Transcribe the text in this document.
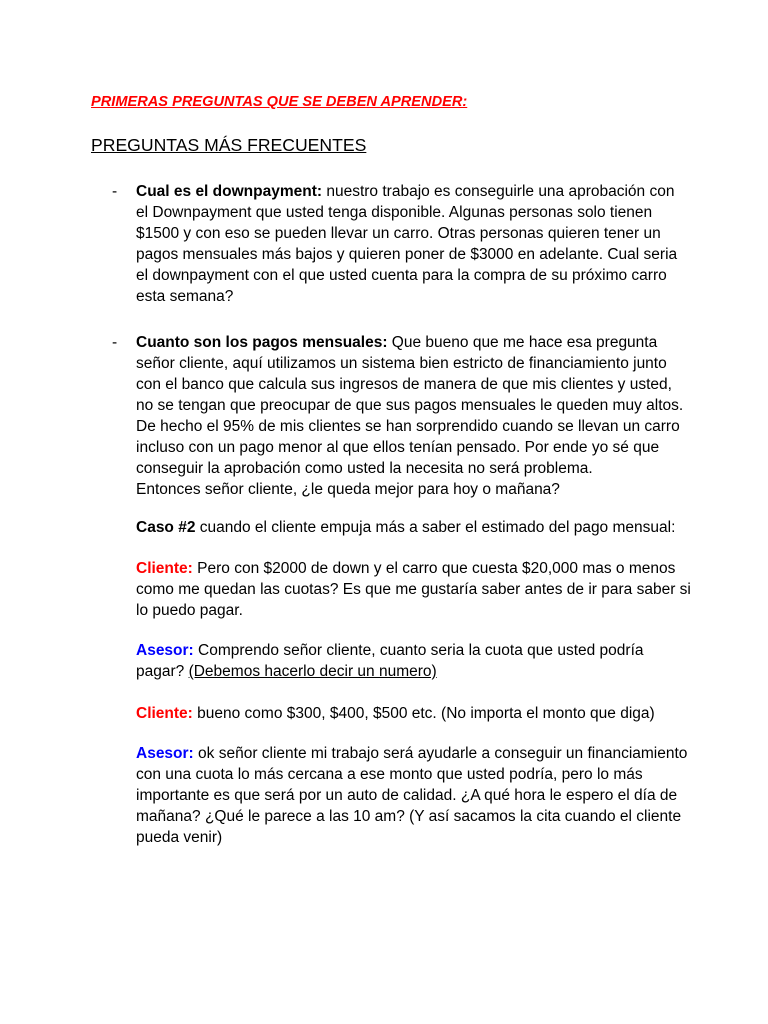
PRIMERAS PREGUNTAS QUE SE DEBEN APRENDER:
PREGUNTAS MÁS FRECUENTES
- Cual es el downpayment: nuestro trabajo es conseguirle una aprobación con el Downpayment que usted tenga disponible. Algunas personas solo tienen $1500 y con eso se pueden llevar un carro. Otras personas quieren tener un pagos mensuales más bajos y quieren poner de $3000 en adelante. Cual seria el downpayment con el que usted cuenta para la compra de su próximo carro esta semana?

- Cuanto son los pagos mensuales: Que bueno que me hace esa pregunta señor cliente, aquí utilizamos un sistema bien estricto de financiamiento junto con el banco que calcula sus ingresos de manera de que mis clientes y usted, no se tengan que preocupar de que sus pagos mensuales le queden muy altos. De hecho el 95% de mis clientes se han sorprendido cuando se llevan un carro incluso con un pago menor al que ellos tenían pensado. Por ende yo sé que conseguir la aprobación como usted la necesita no será problema.

Entonces señor cliente, ¿le queda mejor para hoy o mañana?

Caso #2 cuando el cliente empuja más a saber el estimado del pago mensual:

Cliente: Pero con $2000 de down y el carro que cuesta $20,000 mas o menos como me quedan las cuotas? Es que me gustaría saber antes de ir para saber si lo puedo pagar.

Asesor: Comprendo señor cliente, cuanto seria la cuota que usted podría pagar? (Debemos hacerlo decir un numero)

Cliente: bueno como $300, $400, $500 etc. (No importa el monto que diga)

Asesor: ok señor cliente mi trabajo será ayudarle a conseguir un financiamiento con una cuota lo más cercana a ese monto que usted podría, pero lo más importante es que será por un auto de calidad. ¿A qué hora le espero el día de mañana? ¿Qué le parece a las 10 am? (Y así sacamos la cita cuando el cliente pueda venir)
